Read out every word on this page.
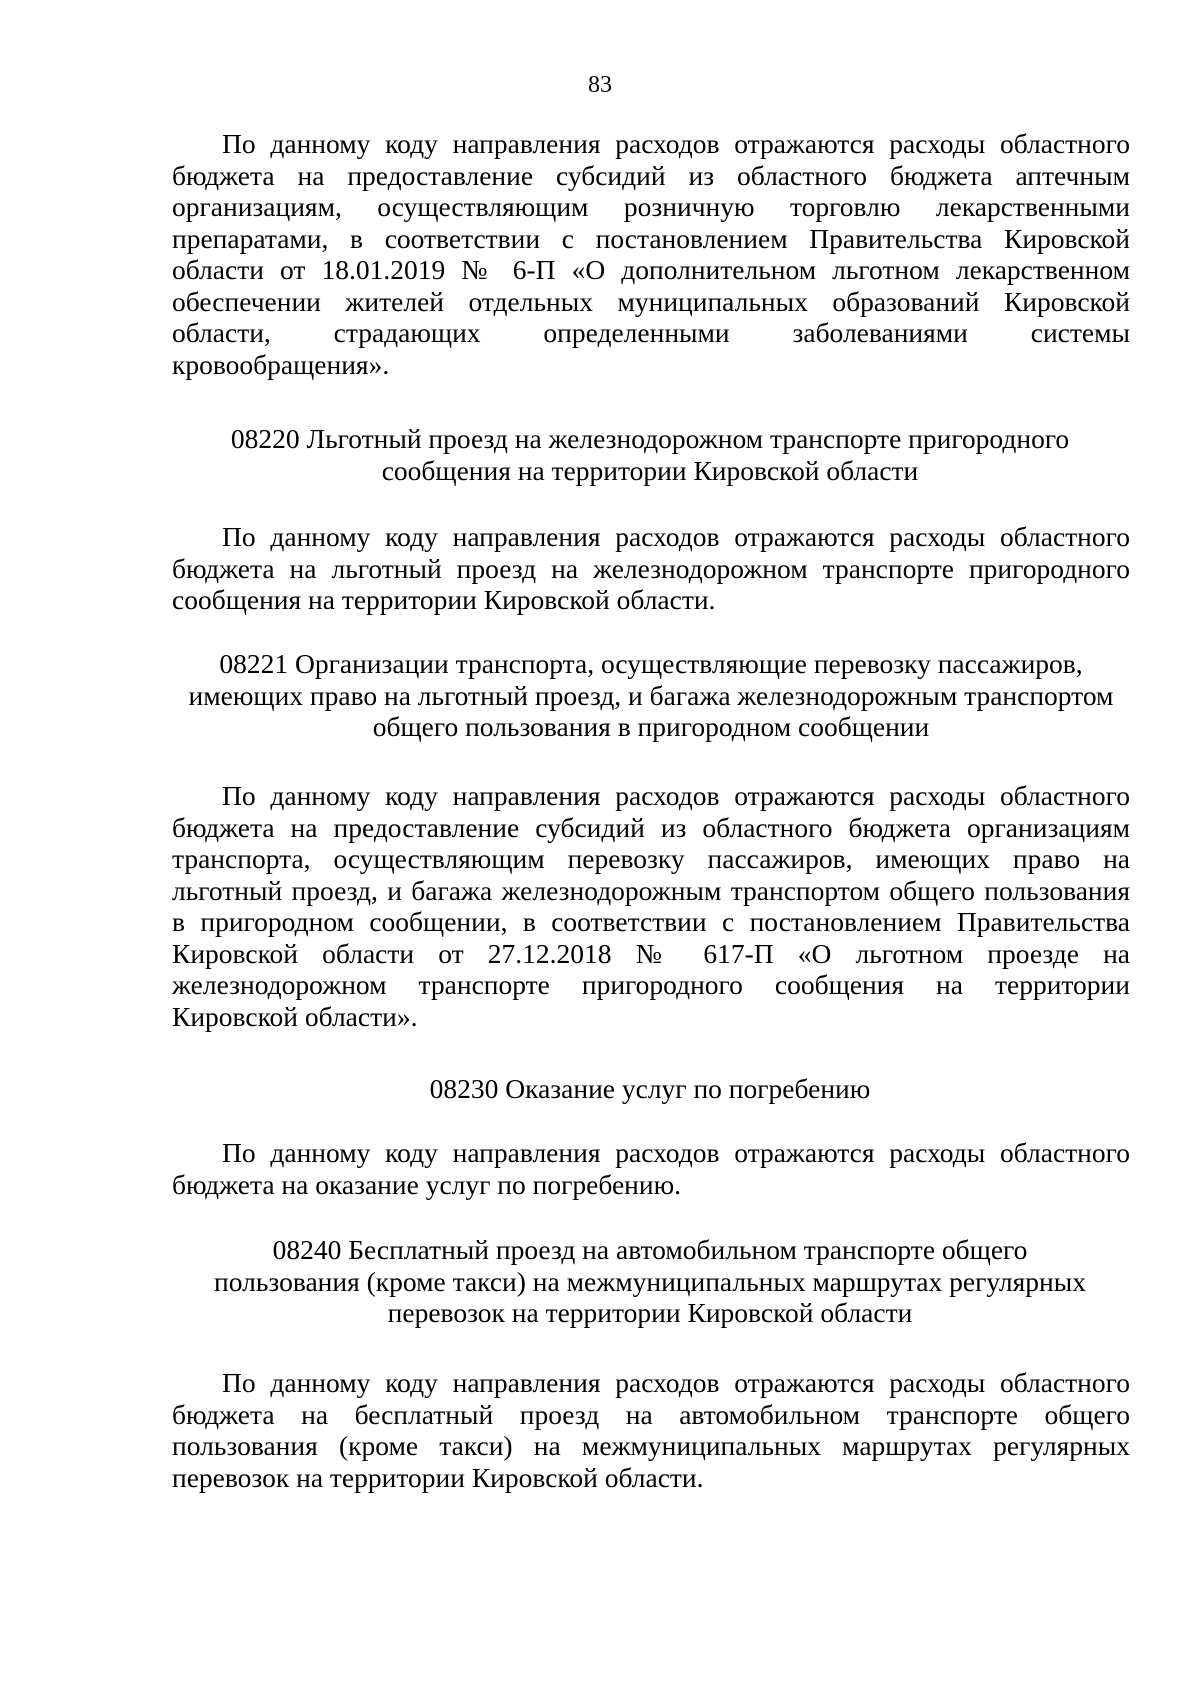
83
По данному коду направления расходов отражаются расходы областного бюджета на предоставление субсидий из областного бюджета аптечным организациям, осуществляющим розничную торговлю лекарственными препаратами, в соответствии с постановлением Правительства Кировской области от 18.01.2019 № 6-П «О дополнительном льготном лекарственном обеспечении жителей отдельных муниципальных образований Кировской области, страдающих определенными заболеваниями системы кровообращения».
08220 Льготный проезд на железнодорожном транспорте пригородного сообщения на территории Кировской области
По данному коду направления расходов отражаются расходы областного бюджета на льготный проезд на железнодорожном транспорте пригородного сообщения на территории Кировской области.
08221 Организации транспорта, осуществляющие перевозку пассажиров, имеющих право на льготный проезд, и багажа железнодорожным транспортом общего пользования в пригородном сообщении
По данному коду направления расходов отражаются расходы областного бюджета на предоставление субсидий из областного бюджета организациям транспорта, осуществляющим перевозку пассажиров, имеющих право на льготный проезд, и багажа железнодорожным транспортом общего пользования в пригородном сообщении, в соответствии с постановлением Правительства Кировской области от 27.12.2018 № 617-П «О льготном проезде на железнодорожном транспорте пригородного сообщения на территории Кировской области».
08230 Оказание услуг по погребению
По данному коду направления расходов отражаются расходы областного бюджета на оказание услуг по погребению.
08240 Бесплатный проезд на автомобильном транспорте общего пользования (кроме такси) на межмуниципальных маршрутах регулярных перевозок на территории Кировской области
По данному коду направления расходов отражаются расходы областного бюджета на бесплатный проезд на автомобильном транспорте общего пользования (кроме такси) на межмуниципальных маршрутах регулярных перевозок на территории Кировской области.
